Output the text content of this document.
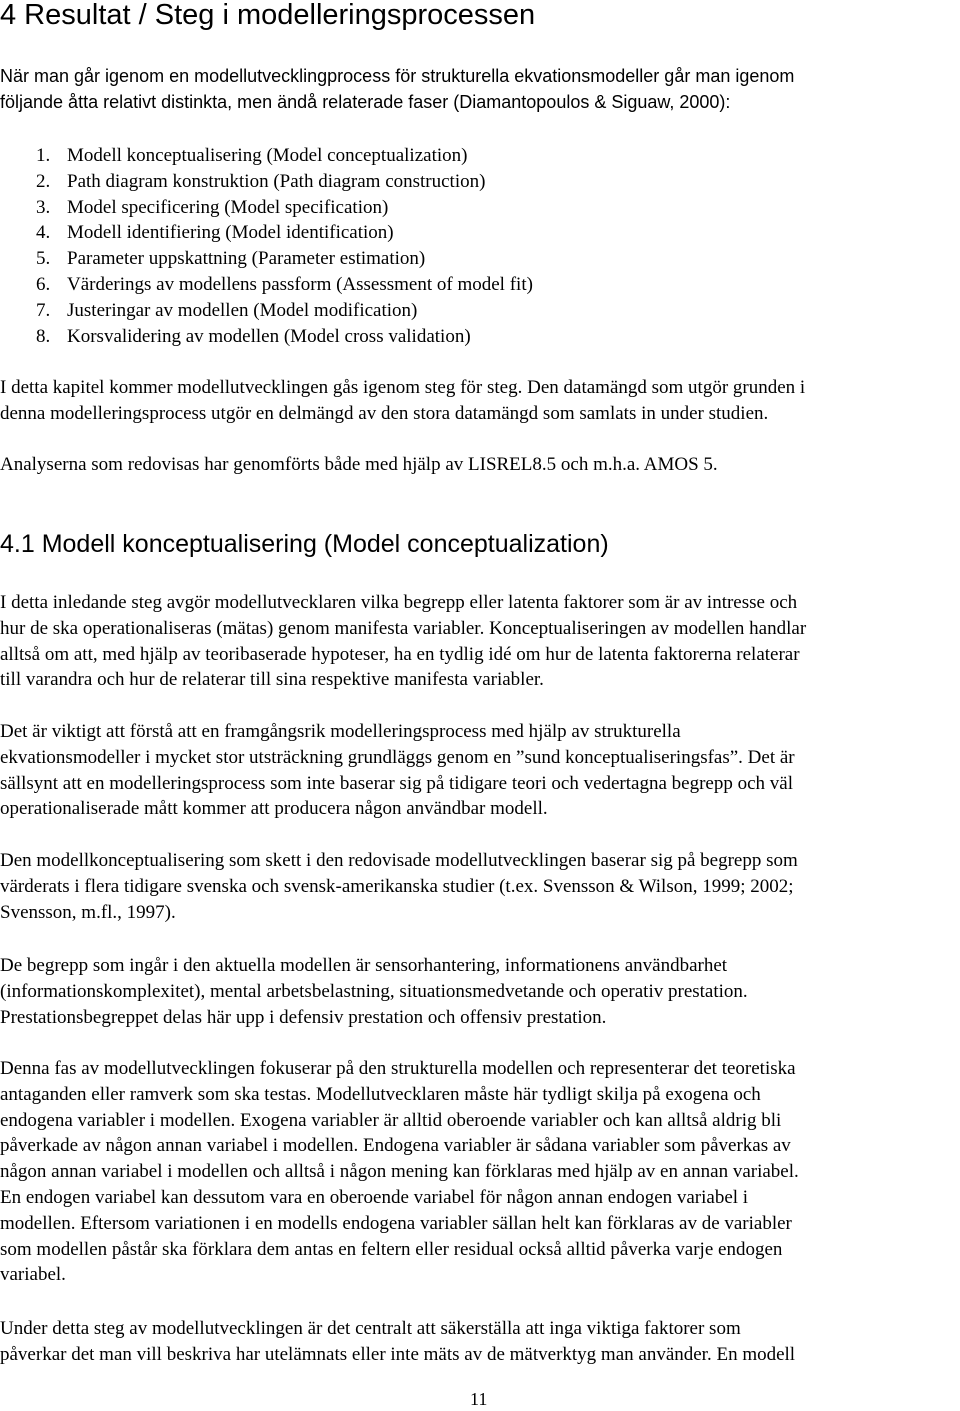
4 Resultat / Steg i modelleringsprocessen

När man går igenom en modellutvecklingprocess för strukturella ekvationsmodeller går man igenom
följande åtta relativt distinkta, men ändå relaterade faser (Diamantopoulos & Siguaw, 2000):

1. Modell konceptualisering (Model conceptualization)
2. Path diagram konstruktion (Path diagram construction)
3. Model specificering (Model specification)
4. Modell identifiering (Model identification)
5. Parameter uppskattning (Parameter estimation)
6. Värderings av modellens passform (Assessment of model fit)
7. Justeringar av modellen (Model modification)
8. Korsvalidering av modellen (Model cross validation)

I detta kapitel kommer modellutvecklingen gås igenom steg för steg. Den datamängd som utgör grunden i
denna modelleringsprocess utgör en delmängd av den stora datamängd som samlats in under studien.

Analyserna som redovisas har genomförts både med hjälp av LISREL8.5 och m.h.a. AMOS 5.

4.1 Modell konceptualisering (Model conceptualization)

I detta inledande steg avgör modellutvecklaren vilka begrepp eller latenta faktorer som är av intresse och
hur de ska operationaliseras (mätas) genom manifesta variabler. Konceptualiseringen av modellen handlar
alltså om att, med hjälp av teoribaserade hypoteser, ha en tydlig idé om hur de latenta faktorerna relaterar
till varandra och hur de relaterar till sina respektive manifesta variabler.

Det är viktigt att förstå att en framgångsrik modelleringsprocess med hjälp av strukturella
ekvationsmodeller i mycket stor utsträckning grundläggs genom en ”sund konceptualiseringsfas”. Det är
sällsynt att en modelleringsprocess som inte baserar sig på tidigare teori och vedertagna begrepp och väl
operationaliserade mått kommer att producera någon användbar modell.

Den modellkonceptualisering som skett i den redovisade modellutvecklingen baserar sig på begrepp som
värderats i flera tidigare svenska och svensk-amerikanska studier (t.ex. Svensson & Wilson, 1999; 2002;
Svensson, m.fl., 1997).

De begrepp som ingår i den aktuella modellen är sensorhantering, informationens användbarhet
(informationskomplexitet), mental arbetsbelastning, situationsmedvetande och operativ prestation.
Prestationsbegreppet delas här upp i defensiv prestation och offensiv prestation.

Denna fas av modellutvecklingen fokuserar på den strukturella modellen och representerar det teoretiska
antaganden eller ramverk som ska testas. Modellutvecklaren måste här tydligt skilja på exogena och
endogena variabler i modellen. Exogena variabler är alltid oberoende variabler och kan alltså aldrig bli
påverkade av någon annan variabel i modellen. Endogena variabler är sådana variabler som påverkas av
någon annan variabel i modellen och alltså i någon mening kan förklaras med hjälp av en annan variabel.
En endogen variabel kan dessutom vara en oberoende variabel för någon annan endogen variabel i
modellen. Eftersom variationen i en modells endogena variabler sällan helt kan förklaras av de variabler
som modellen påstår ska förklara dem antas en feltern eller residual också alltid påverka varje endogen
variabel.

Under detta steg av modellutvecklingen är det centralt att säkerställa att inga viktiga faktorer som
påverkar det man vill beskriva har utelämnats eller inte mäts av de mätverktyg man använder. En modell

11
